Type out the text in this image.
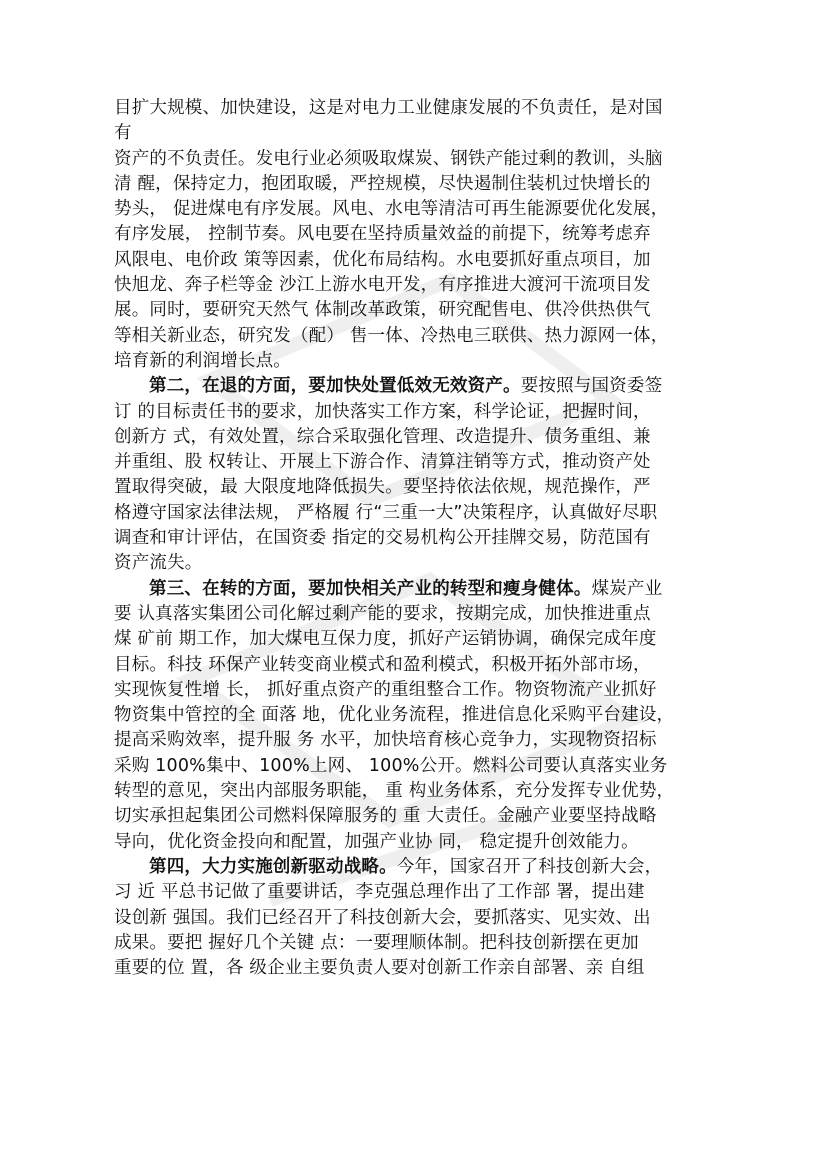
目扩大规模、加快建设，这是对电力工业健康发展的不负责任，是对国
有
资产的不负责任。发电行业必须吸取煤炭、钢铁产能过剩的教训，头脑
清 醒，保持定力，抱团取暖，严控规模，尽快遏制住装机过快增长的
势头， 促进煤电有序发展。风电、水电等清洁可再生能源要优化发展，
有序发展， 控制节奏。风电要在坚持质量效益的前提下，统筹考虑弃
风限电、电价政 策等因素，优化布局结构。水电要抓好重点项目，加
快旭龙、奔子栏等金 沙江上游水电开发，有序推进大渡河干流项目发
展。同时，要研究天然气 体制改革政策，研究配售电、供冷供热供气
等相关新业态，研究发（配） 售一体、冷热电三联供、热力源网一体，
培育新的利润增长点。
第二，在退的方面，要加快处置低效无效资产。要按照与国资委签
订 的目标责任书的要求，加快落实工作方案，科学论证，把握时间，
创新方 式，有效处置，综合采取强化管理、改造提升、债务重组、兼
并重组、股 权转让、开展上下游合作、清算注销等方式，推动资产处
置取得突破，最 大限度地降低损失。要坚持依法依规，规范操作，严
格遵守国家法律法规， 严格履 行“三重一大”决策程序，认真做好尽职
调查和审计评估，在国资委 指定的交易机构公开挂牌交易，防范国有
资产流失。
第三、在转的方面，要加快相关产业的转型和瘦身健体。煤炭产业
要 认真落实集团公司化解过剩产能的要求，按期完成，加快推进重点
煤 矿前 期工作，加大煤电互保力度，抓好产运销协调，确保完成年度
目标。科技 环保产业转变商业模式和盈利模式，积极开拓外部市场，
实现恢复性增 长， 抓好重点资产的重组整合工作。物资物流产业抓好
物资集中管控的全 面落 地，优化业务流程，推进信息化采购平台建设，
提高采购效率，提升服 务 水平，加快培育核心竞争力，实现物资招标
采购 100%集中、100%上网、 100%公开。燃料公司要认真落实业务
转型的意见，突出内部服务职能， 重 构业务体系，充分发挥专业优势，
切实承担起集团公司燃料保障服务的 重 大责任。金融产业要坚持战略
导向，优化资金投向和配置，加强产业协 同， 稳定提升创效能力。
第四，大力实施创新驱动战略。今年，国家召开了科技创新大会，
习 近 平总书记做了重要讲话，李克强总理作出了工作部 署，提出建
设创新 强国。我们已经召开了科技创新大会，要抓落实、见实效、出
成果。要把 握好几个关键 点：一要理顺体制。把科技创新摆在更加
重要的位 置，各 级企业主要负责人要对创新工作亲自部署、亲 自组
